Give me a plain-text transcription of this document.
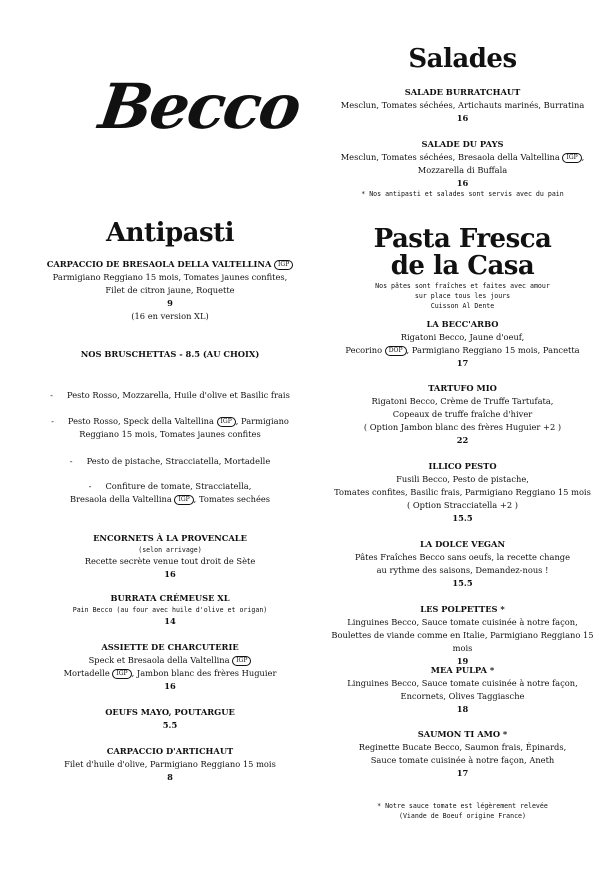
Becco
Antipasti
CARPACCIO DE BRESAOLA DELLA VALTELLINA IGP
Parmigiano Reggiano 15 mois, Tomates jaunes confites,
Filet de citron jaune, Roquette
9
(16 en version XL)
NOS BRUSCHETTAS - 8.5 (AU CHOIX)
- Pesto Rosso, Mozzarella, Huile d'olive et Basilic frais
- Pesto Rosso, Speck della Valtellina IGP , Parmigiano
Reggiano 15 mois, Tomates jaunes confites
- Pesto de pistache, Stracciatella, Mortadelle
- Confiture de tomate, Stracciatella,
Bresaola della Valtellina IGP , Tomates sechées
ENCORNETS À LA PROVENCALE
(selon arrivage)
Recette secrète venue tout droit de Sète
16
BURRATA CRÉMEUSE XL
Pain Becco (au four avec huile d'olive et origan)
14
ASSIETTE DE CHARCUTERIE
Speck et Bresaola della Valtellina IGP
Mortadelle IGP , Jambon blanc des frères Huguier
16
OEUFS MAYO, POUTARGUE
5.5
CARPACCIO D'ARTICHAUT
Filet d'huile d'olive, Parmigiano Reggiano 15 mois
8
Salades
SALADE BURRATCHAUT
Mesclun, Tomates séchées, Artichauts marinés, Burratina
16
SALADE DU PAYS
Mesclun, Tomates séchées, Bresaola della Valtellina IGP ,
Mozzarella di Buffala
16
* Nos antipasti et salades sont servis avec du pain
Pasta Fresca
de la Casa
Nos pâtes sont fraîches et faites avec amour
sur place tous les jours
Cuisson Al Dente
LA BECC'ARBO
Rigatoni Becco, Jaune d'oeuf,
Pecorino DOP , Parmigiano Reggiano 15 mois, Pancetta
17
TARTUFO MIO
Rigatoni Becco, Crème de Truffe Tartufata,
Copeaux de truffe fraîche d'hiver
( Option Jambon blanc des frères Huguier +2 )
22
ILLICO PESTO
Fusili Becco, Pesto de pistache,
Tomates confites, Basilic frais, Parmigiano Reggiano 15 mois
( Option Stracciatella +2 )
15.5
LA DOLCE VEGAN
Pâtes Fraîches Becco sans oeufs, la recette change
au rythme des saisons, Demandez-nous !
15.5
LES POLPETTES *
Linguines Becco, Sauce tomate cuisinée à notre façon,
Boulettes de viande comme en Italie, Parmigiano Reggiano 15 mois
19
MEA PULPA *
Linguines Becco, Sauce tomate cuisinée à notre façon,
Encornets, Olives Taggiasche
18
SAUMON TI AMO *
Reginette Bucate Becco, Saumon frais, Épinards,
Sauce tomate cuisinée à notre façon, Aneth
17
* Notre sauce tomate est légèrement relevée
(Viande de Boeuf origine France)
